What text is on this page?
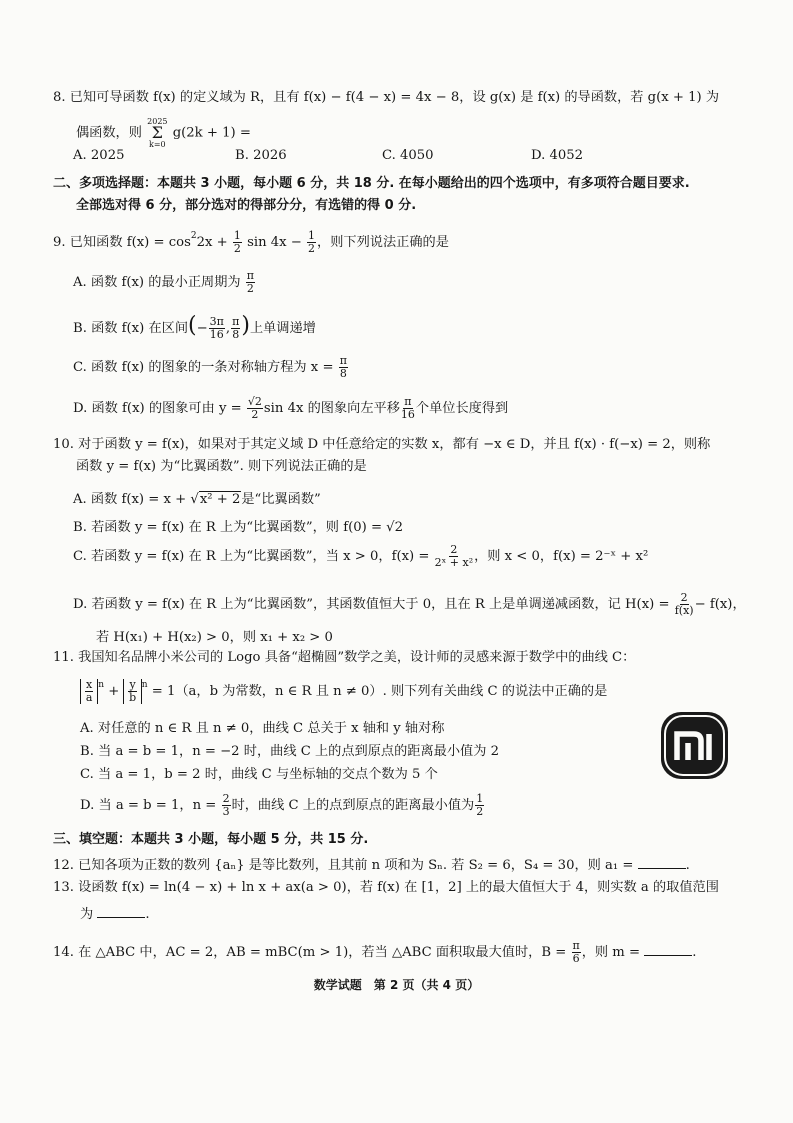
8. 已知可导函数 f(x) 的定义域为 R，且有 f(x) − f(4 − x) = 4x − 8，设 g(x) 是 f(x) 的导函数，若 g(x + 1) 为
偶函数，则
2025
Σ
k=0
g(2k + 1) =
A. 2025	B. 2026	C. 4050	D. 4052
二、多项选择题：本题共 3 小题，每小题 6 分，共 18 分. 在每小题给出的四个选项中，有多项符合题目要求.
全部选对得 6 分，部分选对的得部分分，有选错的得 0 分.
9. 已知函数 $f(x) = \cos^22x + \frac{1}{2}$ $\sin 4x - \frac{1}{2}$ ，则下列说法正确的是
A. 函数 f(x) 的最小正周期为 $\frac{\pi}{2}$
B. 函数 f(x) 在区间(− $\frac{3\pi}{16}$ , $\frac{\pi}{8}$ )上单调递增
C. 函数 f(x) 的图象的一条对称轴方程为 $x = \frac{\pi}{8}$
D. 函数 f(x) 的图象可由 $y = \frac{√2}{2}$ sin 4x 的图象向左平移 $\frac{\pi}{16}$ 个单位长度得到
10. 对于函数 y = f(x)，如果对于其定义域 D 中任意给定的实数 x，都有 −x ∈ D，并且 f(x) · f(−x) = 2，则称
函数 y = f(x) 为“比翼函数”. 则下列说法正确的是
A. 函数 f(x) = x + √x² + 2是“比翼函数”
B. 若函数 y = f(x) 在 R 上为“比翼函数”，则 f(0) = √2
C. 若函数 y = f(x) 在 R 上为“比翼函数”，当 x > 0，$f(x) = \frac{2}{\text{2ˣ + x²}}$ ，则 x < 0，f(x) = 2⁻ˣ + x²
D. 若函数 y = f(x) 在 R 上为“比翼函数”，其函数值恒大于 0，且在 R 上是单调递减函数，记 $H(x) = \frac{2}{f(x)} - f(x)$，
若 H(x₁) + H(x₂) > 0，则 x₁ + x₂ > 0
11. 我国知名品牌小米公司的 Logo 具备“超椭圆”数学之美，设计师的灵感来源于数学中的曲线 C：
$\frac{x}{a} ^n + \frac{y}{b} ^n = 1(a$，b 为常数，n ∈ R 且 n ≠ 0）. 则下列有关曲线 C 的说法中正确的是
A. 对任意的 n ∈ R 且 n ≠ 0，曲线 C 总关于 x 轴和 y 轴对称
B. 当 a = b = 1，n = −2 时，曲线 C 上的点到原点的距离最小值为 2
C. 当 a = 1，b = 2 时，曲线 C 与坐标轴的交点个数为 5 个
D. 当 a = b = 1，$n = \frac{2}{3}$ 时，曲线 C 上的点到原点的距离最小值为 $\frac{1}{2}$
三、填空题：本题共 3 小题，每小题 5 分，共 15 分.
12. 已知各项为正数的数列 {aₙ} 是等比数列，且其前 n 项和为 Sₙ. 若 S₂ = 6，S₄ = 30，则 a₁ =	.
13. 设函数 f(x) = ln(4 − x) + ln x + ax(a > 0)，若 f(x) 在 [1，2] 上的最大值恒大于 4，则实数 a 的取值范围
为	.
14. 在 △ABC 中，AC = 2，AB = mBC(m > 1)，若当 △ABC 面积取最大值时，$B = \frac{\pi}{6}$ ，则 m =	.
数学试题　第 2 页（共 4 页）
